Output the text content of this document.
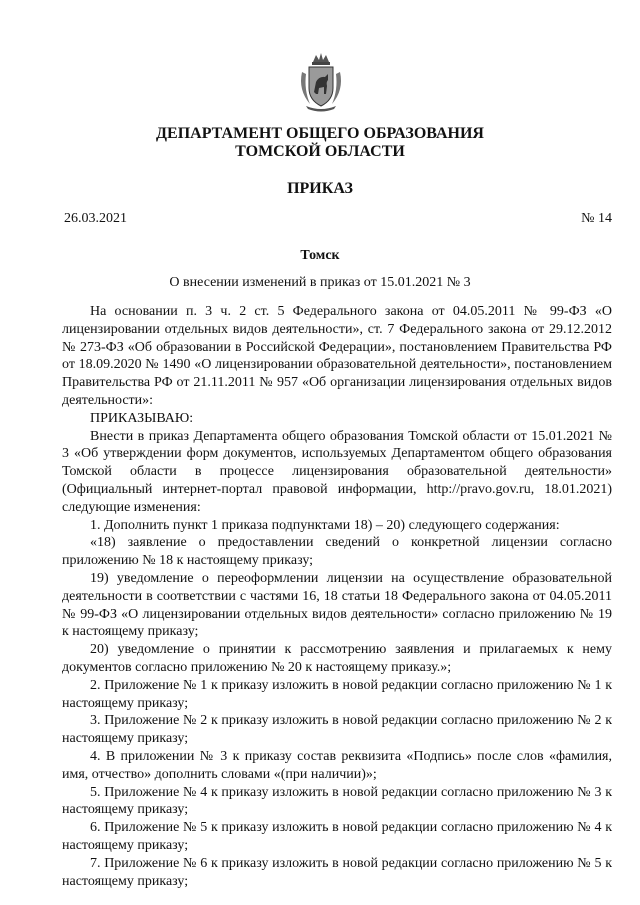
ДЕПАРТАМЕНТ ОБЩЕГО ОБРАЗОВАНИЯ
ТОМСКОЙ ОБЛАСТИ
ПРИКАЗ
26.03.2021	№ 14
Томск
О внесении изменений в приказ от 15.01.2021 № 3

На основании п. 3 ч. 2 ст. 5 Федерального закона от 04.05.2011 № 99-ФЗ «О лицензировании отдельных видов деятельности», ст. 7 Федерального закона от 29.12.2012 № 273-ФЗ «Об образовании в Российской Федерации», постановлением Правительства РФ от 18.09.2020 № 1490 «О лицензировании образовательной деятельности», постановлением Правительства РФ от 21.11.2011 № 957 «Об организации лицензирования отдельных видов деятельности»:

ПРИКАЗЫВАЮ:

Внести в приказ Департамента общего образования Томской области от 15.01.2021 № 3 «Об утверждении форм документов, используемых Департаментом общего образования Томской области в процессе лицензирования образовательной деятельности» (Официальный интернет-портал правовой информации, http://pravo.gov.ru, 18.01.2021) следующие изменения:

1. Дополнить пункт 1 приказа подпунктами 18) – 20) следующего содержания:

«18) заявление о предоставлении сведений о конкретной лицензии согласно приложению № 18 к настоящему приказу;

19) уведомление о переоформлении лицензии на осуществление образовательной деятельности в соответствии с частями 16, 18 статьи 18 Федерального закона от 04.05.2011 № 99-ФЗ «О лицензировании отдельных видов деятельности» согласно приложению № 19 к настоящему приказу;

20) уведомление о принятии к рассмотрению заявления и прилагаемых к нему документов согласно приложению № 20 к настоящему приказу.»;

2. Приложение № 1 к приказу изложить в новой редакции согласно приложению № 1 к настоящему приказу;

3. Приложение № 2 к приказу изложить в новой редакции согласно приложению № 2 к настоящему приказу;

4. В приложении № 3 к приказу состав реквизита «Подпись» после слов «фамилия, имя, отчество» дополнить словами «(при наличии)»;

5. Приложение № 4 к приказу изложить в новой редакции согласно приложению № 3 к настоящему приказу;

6. Приложение № 5 к приказу изложить в новой редакции согласно приложению № 4 к настоящему приказу;

7. Приложение № 6 к приказу изложить в новой редакции согласно приложению № 5 к настоящему приказу;
